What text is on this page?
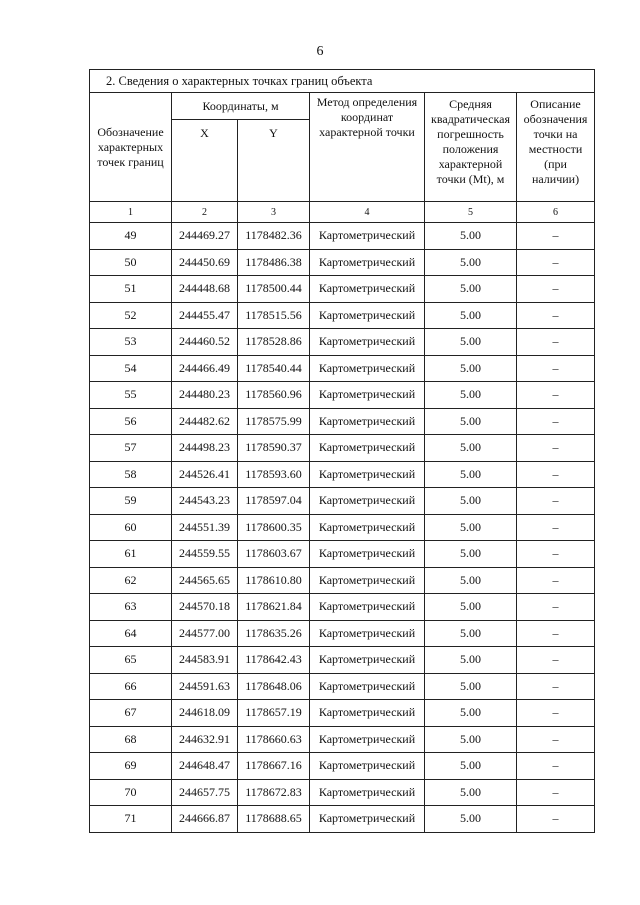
6
2. Сведения о характерных точках границ объекта					
Обозначение характерных точек границ	Координаты, м		Метод определения координат характерной точки	Средняя квадратическая погрешность положения характерной точки (Mt), м	Описание обозначения точки на местности (при наличии)
	X	Y			
1	2	3	4	5	6
49	244469.27	1178482.36	Картометрический	5.00	–
50	244450.69	1178486.38	Картометрический	5.00	–
51	244448.68	1178500.44	Картометрический	5.00	–
52	244455.47	1178515.56	Картометрический	5.00	–
53	244460.52	1178528.86	Картометрический	5.00	–
54	244466.49	1178540.44	Картометрический	5.00	–
55	244480.23	1178560.96	Картометрический	5.00	–
56	244482.62	1178575.99	Картометрический	5.00	–
57	244498.23	1178590.37	Картометрический	5.00	–
58	244526.41	1178593.60	Картометрический	5.00	–
59	244543.23	1178597.04	Картометрический	5.00	–
60	244551.39	1178600.35	Картометрический	5.00	–
61	244559.55	1178603.67	Картометрический	5.00	–
62	244565.65	1178610.80	Картометрический	5.00	–
63	244570.18	1178621.84	Картометрический	5.00	–
64	244577.00	1178635.26	Картометрический	5.00	–
65	244583.91	1178642.43	Картометрический	5.00	–
66	244591.63	1178648.06	Картометрический	5.00	–
67	244618.09	1178657.19	Картометрический	5.00	–
68	244632.91	1178660.63	Картометрический	5.00	–
69	244648.47	1178667.16	Картометрический	5.00	–
70	244657.75	1178672.83	Картометрический	5.00	–
71	244666.87	1178688.65	Картометрический	5.00	–
